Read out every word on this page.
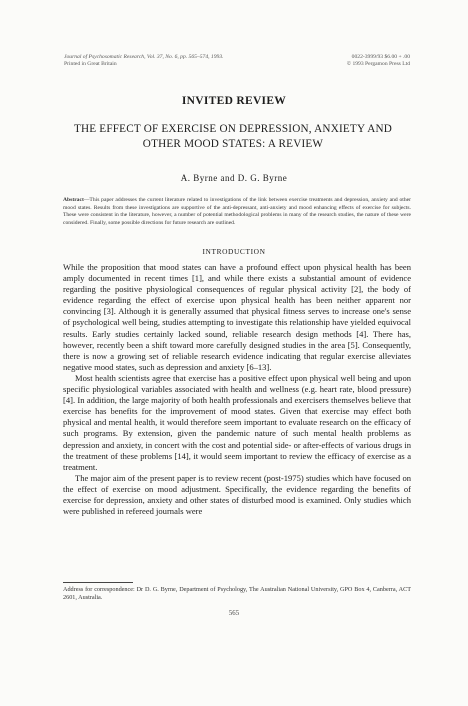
Journal of Psychosomatic Research, Vol. 37, No. 6, pp. 565–574, 1993.
Printed in Great Britain
0022-3999/93 $6.00 + .00
© 1993 Pergamon Press Ltd
INVITED REVIEW
THE EFFECT OF EXERCISE ON DEPRESSION, ANXIETY AND OTHER MOOD STATES: A REVIEW
A. Byrne and D. G. Byrne
Abstract—This paper addresses the current literature related to investigations of the link between exercise treatments and depression, anxiety and other mood states. Results from these investigations are supportive of the anti-depressant, anti-anxiety and mood enhancing effects of exercise for subjects. These were consistent in the literature, however, a number of potential methodological problems in many of the research studies, the nature of these were considered. Finally, some possible directions for future research are outlined.
INTRODUCTION

While the proposition that mood states can have a profound effect upon physical health has been amply documented in recent times [1], and while there exists a substantial amount of evidence regarding the positive physiological consequences of regular physical activity [2], the body of evidence regarding the effect of exercise upon physical health has been neither apparent nor convincing [3]. Although it is generally assumed that physical fitness serves to increase one's sense of psychological well being, studies attempting to investigate this relationship have yielded equivocal results. Early studies certainly lacked sound, reliable research design methods [4]. There has, however, recently been a shift toward more carefully designed studies in the area [5]. Consequently, there is now a growing set of reliable research evidence indicating that regular exercise alleviates negative mood states, such as depression and anxiety [6–13].

Most health scientists agree that exercise has a positive effect upon physical well being and upon specific physiological variables associated with health and wellness (e.g. heart rate, blood pressure) [4]. In addition, the large majority of both health professionals and exercisers themselves believe that exercise has benefits for the improvement of mood states. Given that exercise may effect both physical and mental health, it would therefore seem important to evaluate research on the efficacy of such programs. By extension, given the pandemic nature of such mental health problems as depression and anxiety, in concert with the cost and potential side- or after-effects of various drugs in the treatment of these problems [14], it would seem important to review the efficacy of exercise as a treatment.

The major aim of the present paper is to review recent (post-1975) studies which have focused on the effect of exercise on mood adjustment. Specifically, the evidence regarding the benefits of exercise for depression, anxiety and other states of disturbed mood is examined. Only studies which were published in refereed journals were

Address for correspondence: Dr D. G. Byrne, Department of Psychology, The Australian National University, GPO Box 4, Canberra, ACT 2601, Australia.
565
